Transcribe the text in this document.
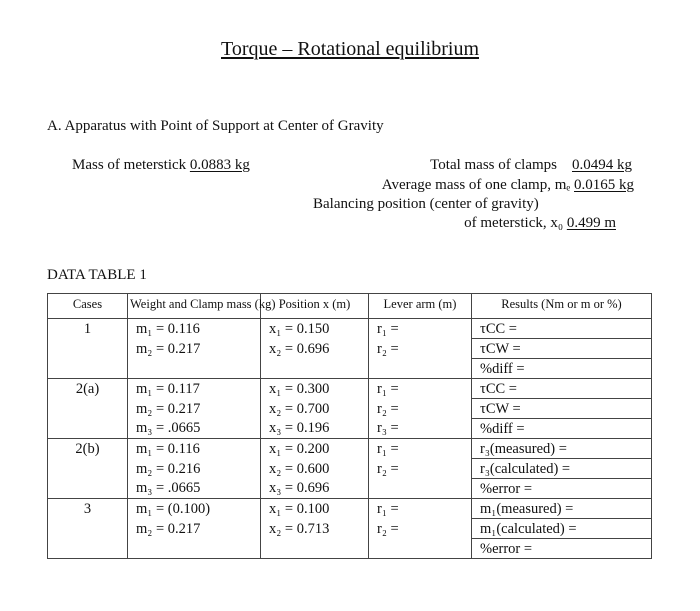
Torque – Rotational equilibrium
A. Apparatus with Point of Support at Center of Gravity
Mass of meterstick 0.0883 kg	Total mass of clamps 0.0494 kg
Average mass of one clamp, mₑ 0.0165 kg
Balancing position (center of gravity)
of meterstick, x₀ 0.499 m
DATA TABLE 1
Cases	Weight and Clamp mass (kg)	Position x (m)	Lever arm (m)	Results (Nm or m or %)
1	m₁ = 0.116	x₁ = 0.150	r₁ =	τCC =
	m₂ = 0.217	x₂ = 0.696	r₂ =	τCW =
				%diff =
2(a)	m₁ = 0.117	x₁ = 0.300	r₁ =	τCC =
	m₂ = 0.217	x₂ = 0.700	r₂ =	τCW =
	m₃ = .0665	x₃ = 0.196	r₃ =	%diff =
2(b)	m₁ = 0.116	x₁ = 0.200	r₁ =	r₃(measured) =
	m₂ = 0.216	x₂ = 0.600	r₂ =	r₃(calculated) =
	m₃ = .0665	x₃ = 0.696		%error =
3	m₁ = (0.100)	x₁ = 0.100	r₁ =	m₁(measured) =
	m₂ = 0.217	x₂ = 0.713	r₂ =	m₁(calculated) =
				%error =
